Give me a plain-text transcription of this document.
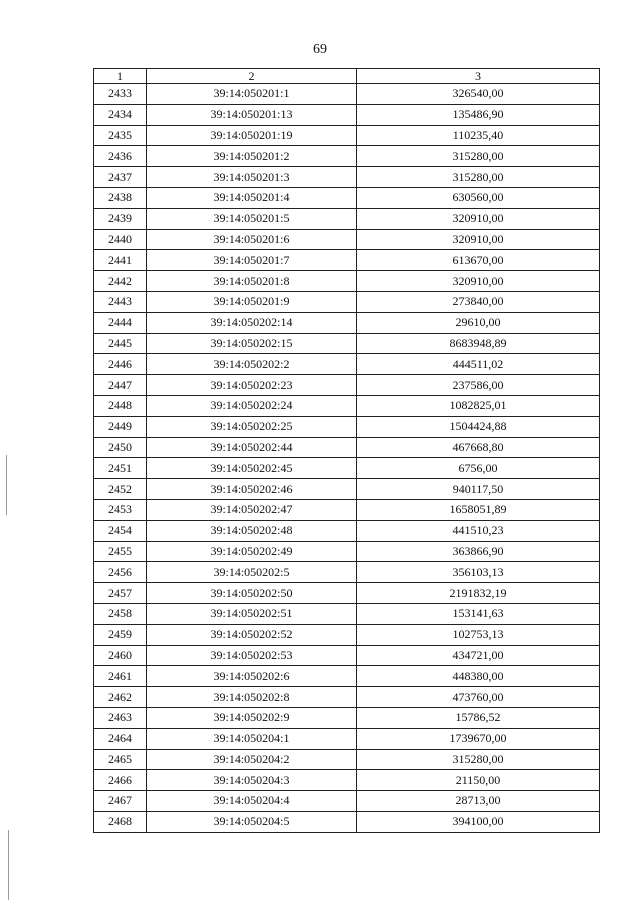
69
1	2	3
2433	39:14:050201:1	326540,00
2434	39:14:050201:13	135486,90
2435	39:14:050201:19	110235,40
2436	39:14:050201:2	315280,00
2437	39:14:050201:3	315280,00
2438	39:14:050201:4	630560,00
2439	39:14:050201:5	320910,00
2440	39:14:050201:6	320910,00
2441	39:14:050201:7	613670,00
2442	39:14:050201:8	320910,00
2443	39:14:050201:9	273840,00
2444	39:14:050202:14	29610,00
2445	39:14:050202:15	8683948,89
2446	39:14:050202:2	444511,02
2447	39:14:050202:23	237586,00
2448	39:14:050202:24	1082825,01
2449	39:14:050202:25	1504424,88
2450	39:14:050202:44	467668,80
2451	39:14:050202:45	6756,00
2452	39:14:050202:46	940117,50
2453	39:14:050202:47	1658051,89
2454	39:14:050202:48	441510,23
2455	39:14:050202:49	363866,90
2456	39:14:050202:5	356103,13
2457	39:14:050202:50	2191832,19
2458	39:14:050202:51	153141,63
2459	39:14:050202:52	102753,13
2460	39:14:050202:53	434721,00
2461	39:14:050202:6	448380,00
2462	39:14:050202:8	473760,00
2463	39:14:050202:9	15786,52
2464	39:14:050204:1	1739670,00
2465	39:14:050204:2	315280,00
2466	39:14:050204:3	21150,00
2467	39:14:050204:4	28713,00
2468	39:14:050204:5	394100,00
